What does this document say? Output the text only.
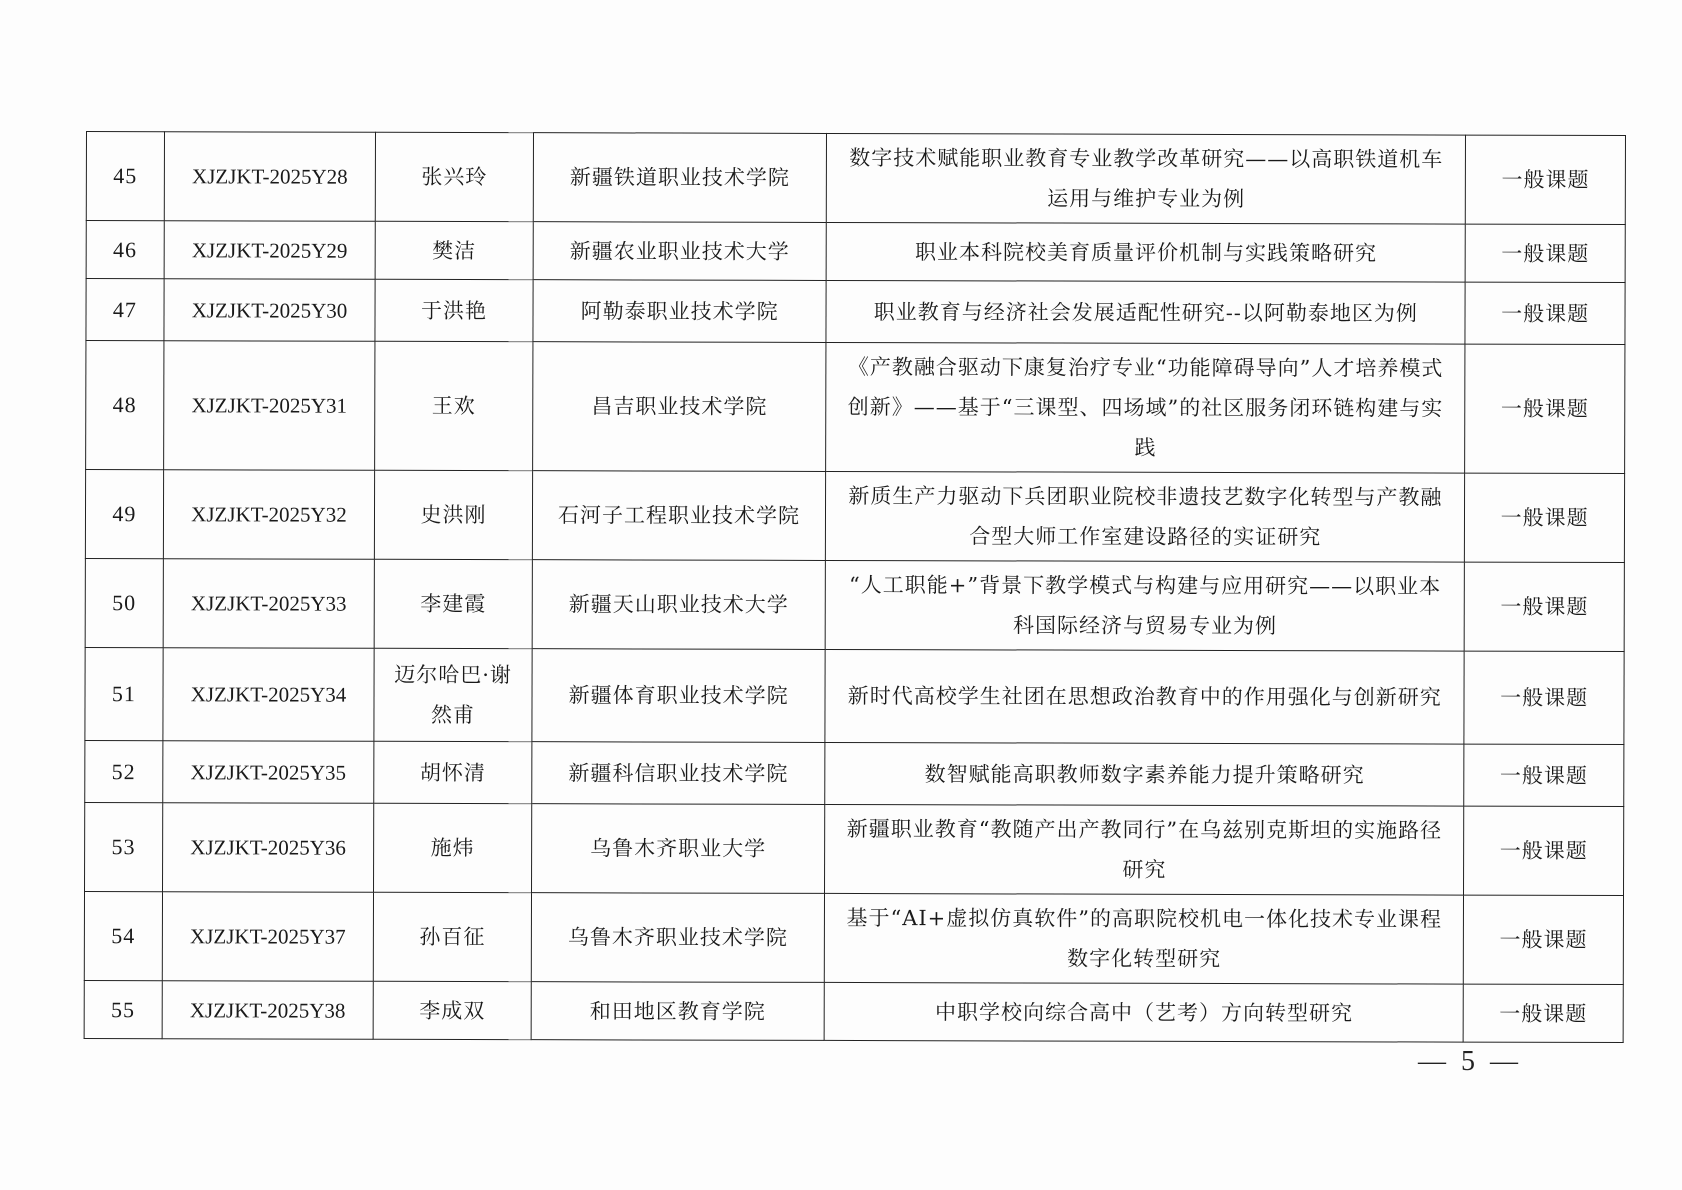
45	XJZJKT-2025Y28	张兴玲	新疆铁道职业技术学院	数字技术赋能职业教育专业教学改革研究——以高职铁道机车运用与维护专业为例	一般课题
46	XJZJKT-2025Y29	樊洁	新疆农业职业技术大学	职业本科院校美育质量评价机制与实践策略研究	一般课题
47	XJZJKT-2025Y30	于洪艳	阿勒泰职业技术学院	职业教育与经济社会发展适配性研究--以阿勒泰地区为例	一般课题
48	XJZJKT-2025Y31	王欢	昌吉职业技术学院	《产教融合驱动下康复治疗专业“功能障碍导向”人才培养模式创新》——基于“三课型、四场域”的社区服务闭环链构建与实践	一般课题
49	XJZJKT-2025Y32	史洪刚	石河子工程职业技术学院	新质生产力驱动下兵团职业院校非遗技艺数字化转型与产教融合型大师工作室建设路径的实证研究	一般课题
50	XJZJKT-2025Y33	李建霞	新疆天山职业技术大学	“人工职能+”背景下教学模式与构建与应用研究——以职业本科国际经济与贸易专业为例	一般课题
51	XJZJKT-2025Y34	迈尔哈巴·谢然甫	新疆体育职业技术学院	新时代高校学生社团在思想政治教育中的作用强化与创新研究	一般课题
52	XJZJKT-2025Y35	胡怀清	新疆科信职业技术学院	数智赋能高职教师数字素养能力提升策略研究	一般课题
53	XJZJKT-2025Y36	施炜	乌鲁木齐职业大学	新疆职业教育“教随产出产教同行”在乌兹别克斯坦的实施路径研究	一般课题
54	XJZJKT-2025Y37	孙百征	乌鲁木齐职业技术学院	基于“AI+虚拟仿真软件”的高职院校机电一体化技术专业课程数字化转型研究	一般课题
55	XJZJKT-2025Y38	李成双	和田地区教育学院	中职学校向综合高中（艺考）方向转型研究	一般课题
— 5 —
